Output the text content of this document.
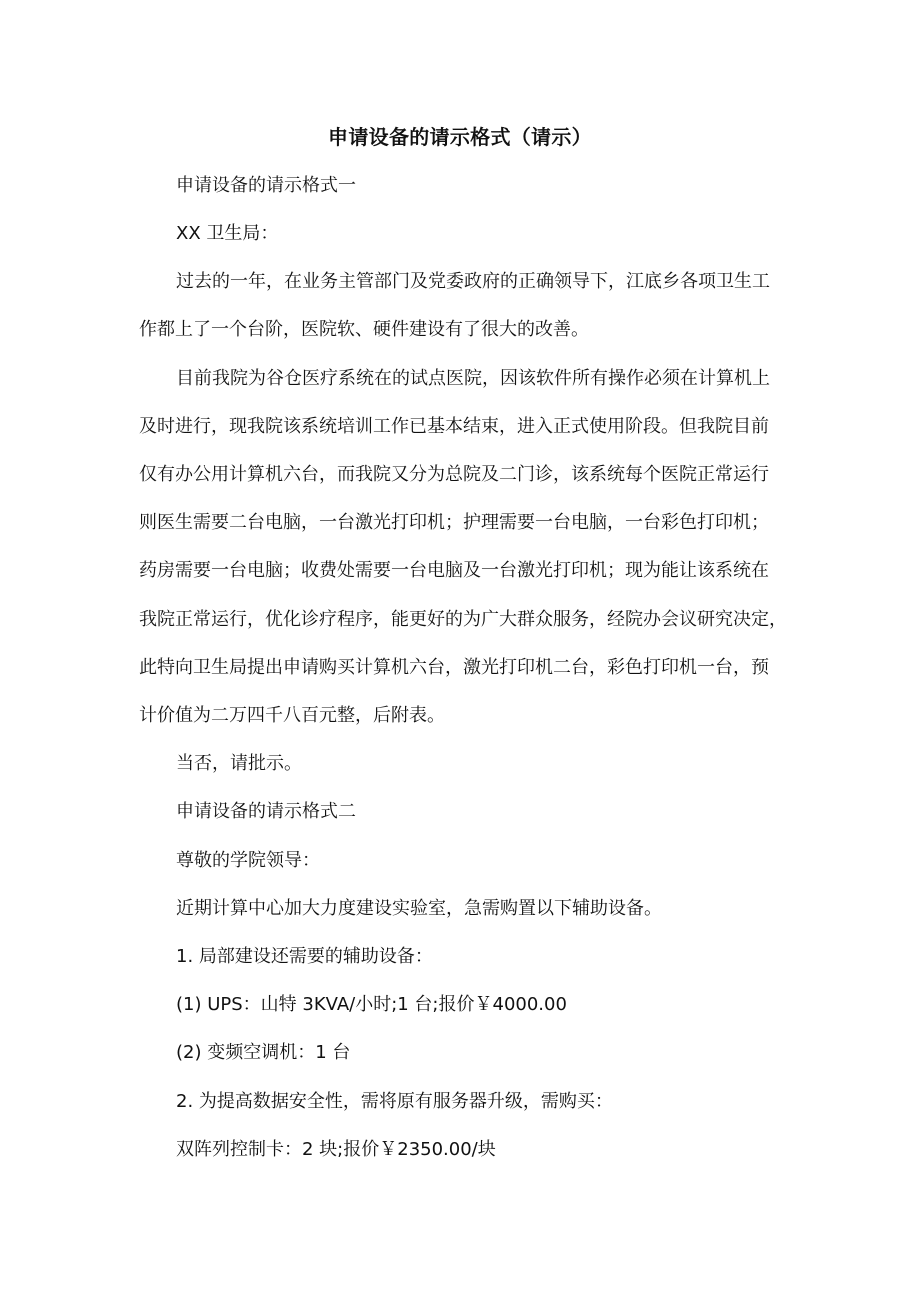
申请设备的请示格式（请示）
申请设备的请示格式一
XX 卫生局：
过去的一年，在业务主管部门及党委政府的正确领导下，江底乡各项卫生工
作都上了一个台阶，医院软、硬件建设有了很大的改善。
目前我院为谷仓医疗系统在的试点医院，因该软件所有操作必须在计算机上
及时进行，现我院该系统培训工作已基本结束，进入正式使用阶段。但我院目前
仅有办公用计算机六台，而我院又分为总院及二门诊，该系统每个医院正常运行
则医生需要二台电脑，一台激光打印机；护理需要一台电脑，一台彩色打印机；
药房需要一台电脑；收费处需要一台电脑及一台激光打印机；现为能让该系统在
我院正常运行，优化诊疗程序，能更好的为广大群众服务，经院办会议研究决定，
此特向卫生局提出申请购买计算机六台，激光打印机二台，彩色打印机一台，预
计价值为二万四千八百元整，后附表。
当否，请批示。
申请设备的请示格式二
尊敬的学院领导：
近期计算中心加大力度建设实验室，急需购置以下辅助设备。
1. 局部建设还需要的辅助设备：
(1) UPS：山特 3KVA/小时;1 台;报价￥4000.00
(2) 变频空调机：1 台
2. 为提高数据安全性，需将原有服务器升级，需购买：
双阵列控制卡：2 块;报价￥2350.00/块
